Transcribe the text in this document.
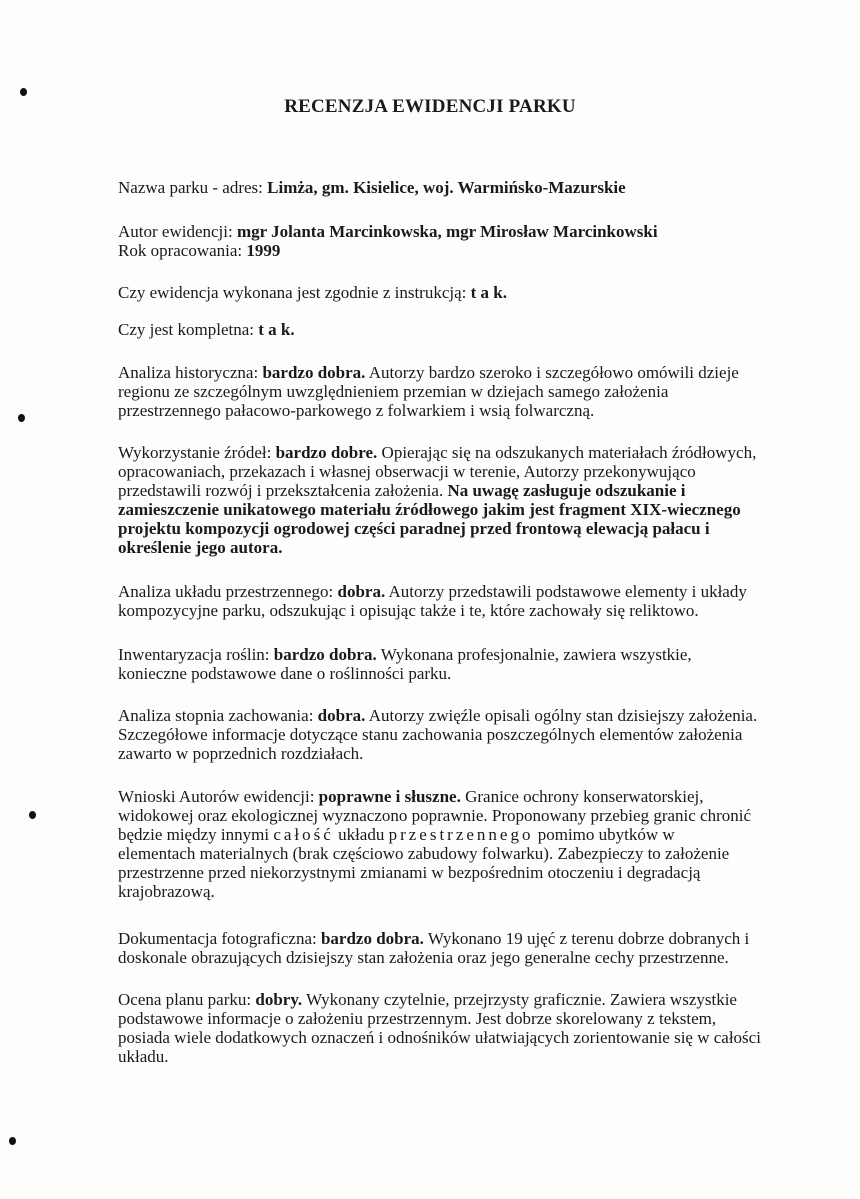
RECENZJA EWIDENCJI PARKU
Nazwa parku - adres: Limża, gm. Kisielice, woj. Warmińsko-Mazurskie
Autor ewidencji: mgr Jolanta Marcinkowska, mgr Mirosław Marcinkowski
Rok opracowania: 1999
Czy ewidencja wykonana jest zgodnie z instrukcją: t a k.
Czy jest kompletna: t a k.
Analiza historyczna: bardzo dobra. Autorzy bardzo szeroko i szczegółowo omówili dzieje
regionu ze szczególnym uwzględnieniem przemian w dziejach samego założenia
przestrzennego pałacowo-parkowego z folwarkiem i wsią folwarczną.
Wykorzystanie źródeł: bardzo dobre. Opierając się na odszukanych materiałach źródłowych,
opracowaniach, przekazach i własnej obserwacji w terenie, Autorzy przekonywująco
przedstawili rozwój i przekształcenia założenia. Na uwagę zasługuje odszukanie i
zamieszczenie unikatowego materiału źródłowego jakim jest fragment XIX-wiecznego
projektu kompozycji ogrodowej części paradnej przed frontową elewacją pałacu i
określenie jego autora.
Analiza układu przestrzennego: dobra. Autorzy przedstawili podstawowe elementy i układy
kompozycyjne parku, odszukując i opisując także i te, które zachowały się reliktowo.
Inwentaryzacja roślin: bardzo dobra. Wykonana profesjonalnie, zawiera wszystkie,
konieczne podstawowe dane o roślinności parku.
Analiza stopnia zachowania: dobra. Autorzy zwięźle opisali ogólny stan dzisiejszy założenia.
Szczegółowe informacje dotyczące stanu zachowania poszczególnych elementów założenia
zawarto w poprzednich rozdziałach.
Wnioski Autorów ewidencji: poprawne i słuszne. Granice ochrony konserwatorskiej,
widokowej oraz ekologicznej wyznaczono poprawnie. Proponowany przebieg granic chronić
będzie między innymi całość układu przestrzennego pomimo ubytków w
elementach materialnych (brak częściowo zabudowy folwarku). Zabezpieczy to założenie
przestrzenne przed niekorzystnymi zmianami w bezpośrednim otoczeniu i degradacją
krajobrazową.
Dokumentacja fotograficzna: bardzo dobra. Wykonano 19 ujęć z terenu dobrze dobranych i
doskonale obrazujących dzisiejszy stan założenia oraz jego generalne cechy przestrzenne.
Ocena planu parku: dobry. Wykonany czytelnie, przejrzysty graficznie. Zawiera wszystkie
podstawowe informacje o założeniu przestrzennym. Jest dobrze skorelowany z tekstem,
posiada wiele dodatkowych oznaczeń i odnośników ułatwiających zorientowanie się w całości
układu.
